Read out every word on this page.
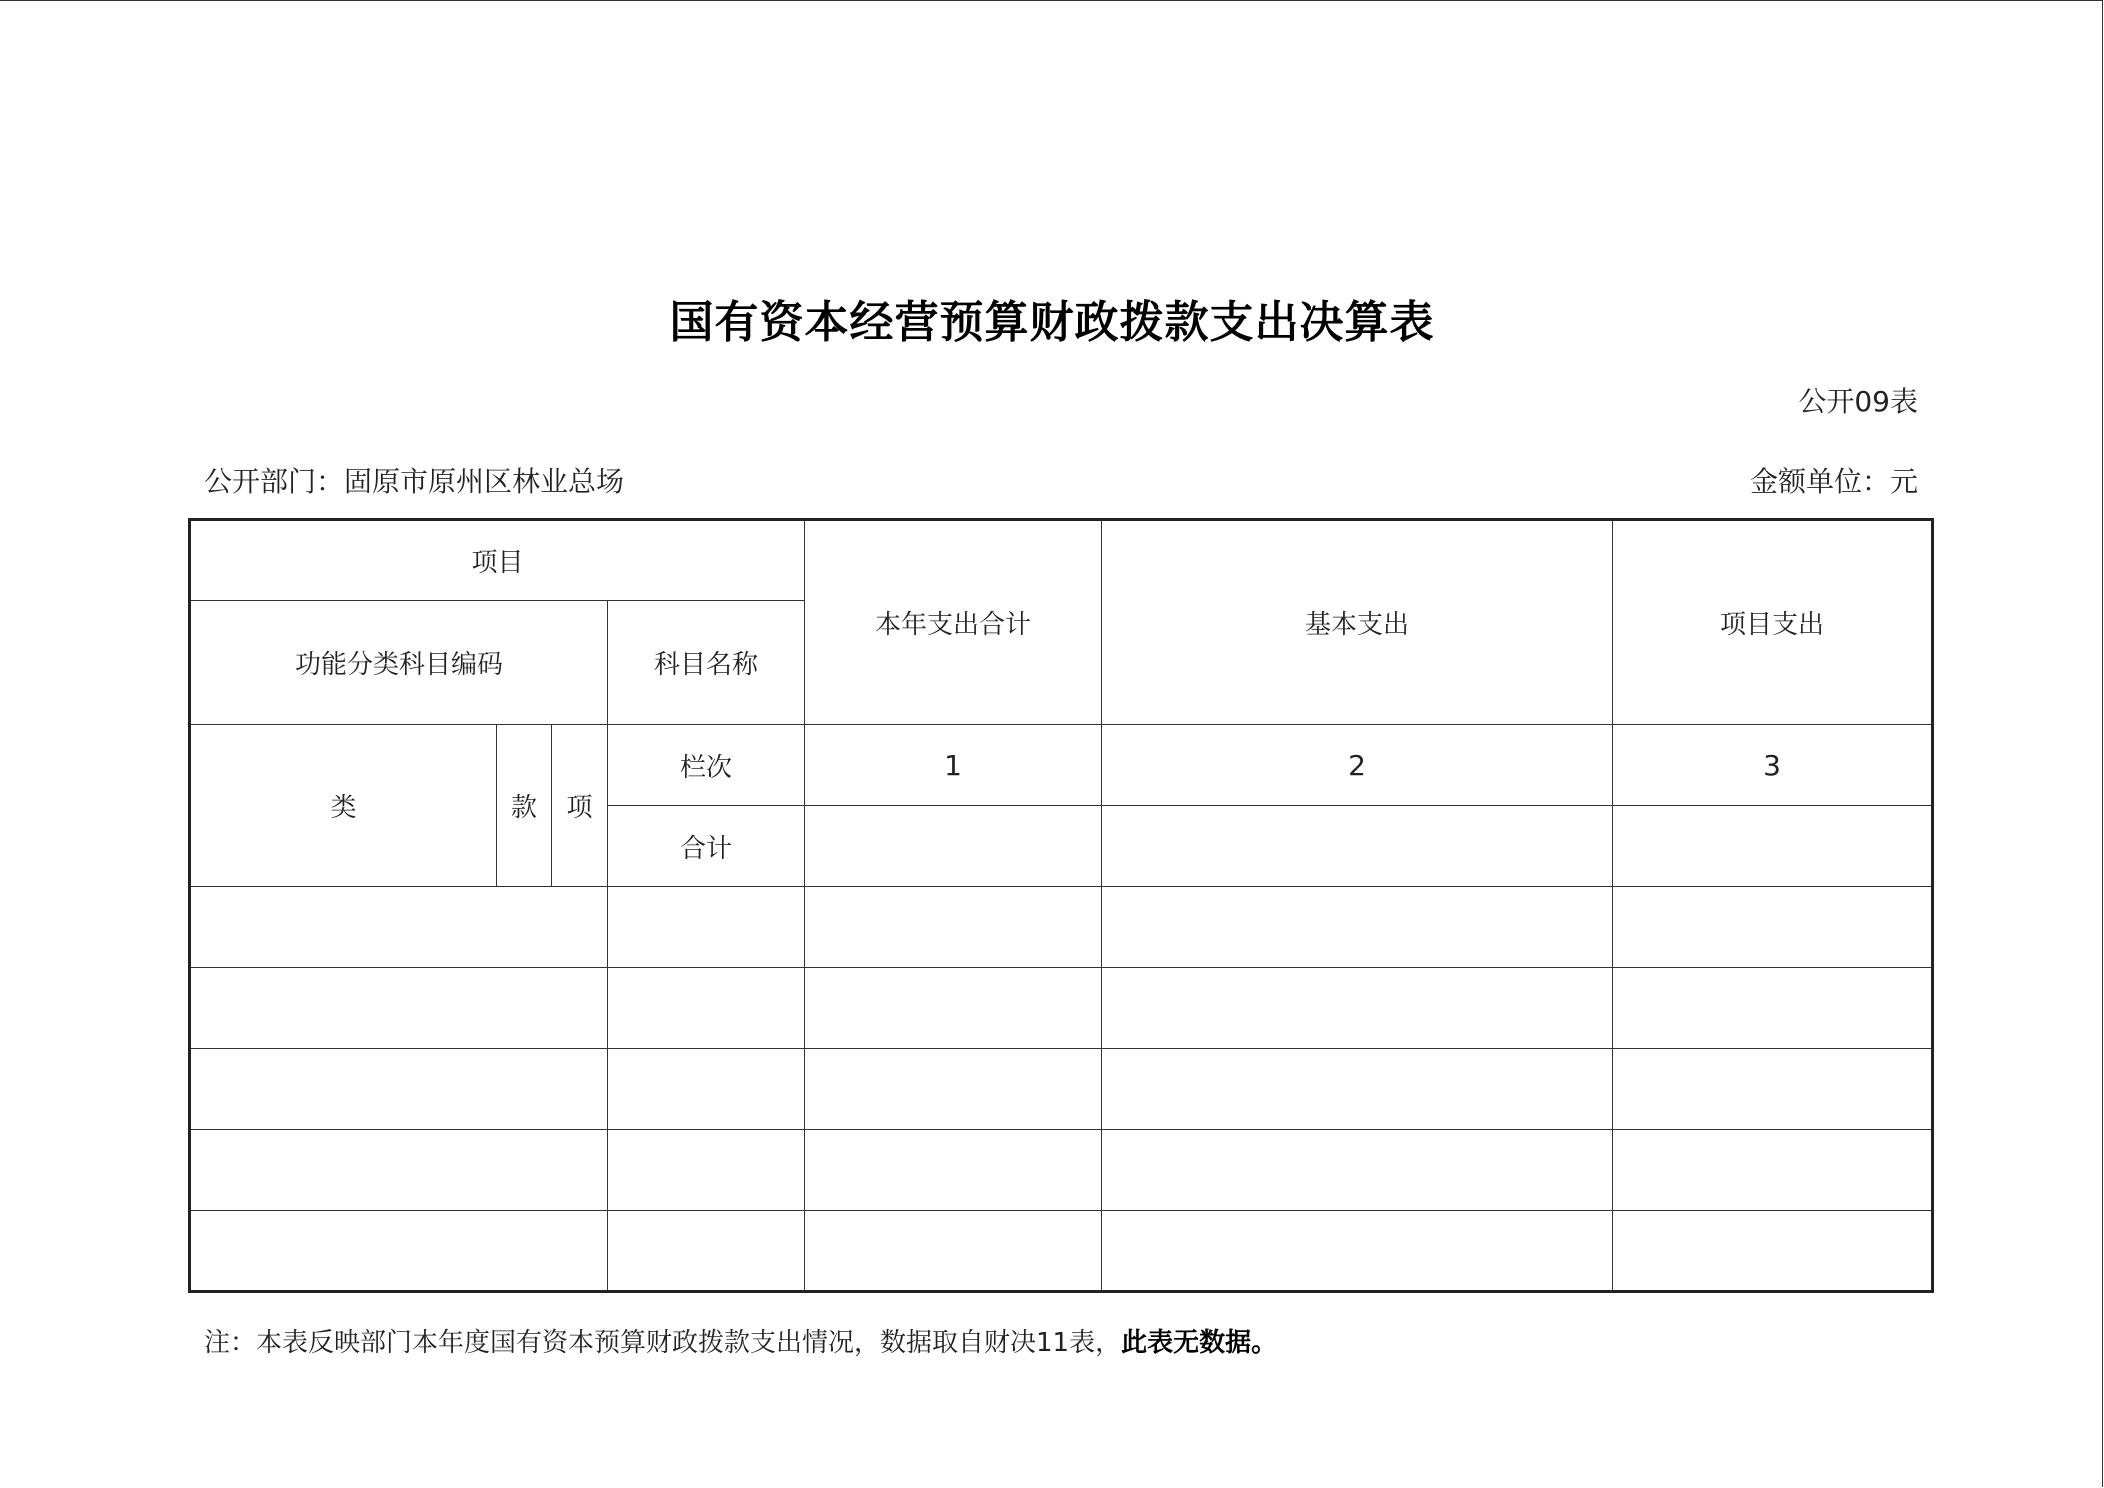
国有资本经营预算财政拨款支出决算表
公开09表
公开部门：固原市原州区林业总场	金额单位：元
项目				本年支出合计	基本支出	项目支出
功能分类科目编码			科目名称			
类	款	项	栏次	1	2	3
			合计			

注：本表反映部门本年度国有资本预算财政拨款支出情况，数据取自财决11表，此表无数据。
